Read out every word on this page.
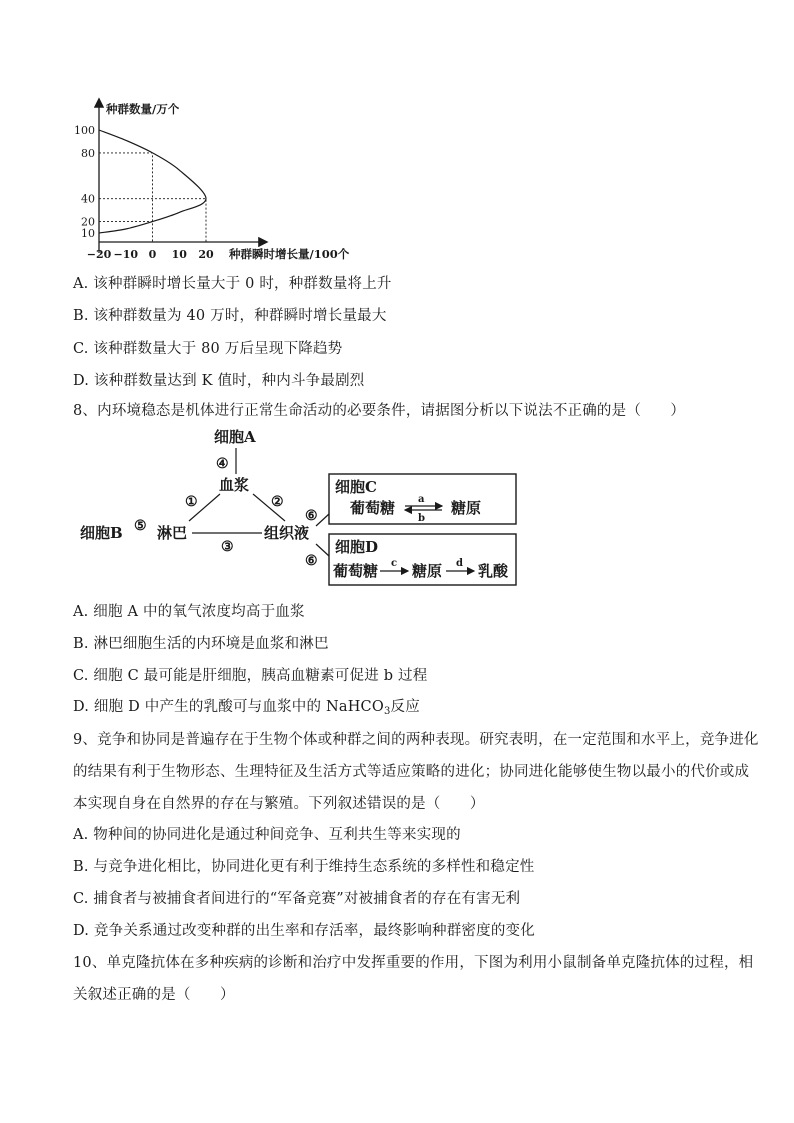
种群数量/万个
种群瞬时增长量/100个
100
80
40
20
10
−20 −10 0 10 20
A. 该种群瞬时增长量大于 0 时，种群数量将上升
B. 该种群数量为 40 万时，种群瞬时增长量最大
C. 该种群数量大于 80 万后呈现下降趋势
D. 该种群数量达到 K 值时，种内斗争最剧烈
8、内环境稳态是机体进行正常生命活动的必要条件，请据图分析以下说法不正确的是（　　）
细胞A
④
血浆
①	②
细胞B ⑤ 淋巴	组织液
③
⑥
⑥
细胞C
葡萄糖	糖原
a
b
细胞D
葡萄糖 糖原 乳酸
c	d
A. 细胞 A 中的氧气浓度均高于血浆
B. 淋巴细胞生活的内环境是血浆和淋巴
C. 细胞 C 最可能是肝细胞，胰高血糖素可促进 b 过程
D. 细胞 D 中产生的乳酸可与血浆中的 NaHCO$_3$反应
9、竞争和协同是普遍存在于生物个体或种群之间的两种表现。研究表明，在一定范围和水平上，竞争进化
的结果有利于生物形态、生理特征及生活方式等适应策略的进化；协同进化能够使生物以最小的代价或成
本实现自身在自然界的存在与繁殖。下列叙述错误的是（　　）
A. 物种间的协同进化是通过种间竞争、互利共生等来实现的
B. 与竞争进化相比，协同进化更有利于维持生态系统的多样性和稳定性
C. 捕食者与被捕食者间进行的“军备竞赛”对被捕食者的存在有害无利
D. 竞争关系通过改变种群的出生率和存活率，最终影响种群密度的变化
10、单克隆抗体在多种疾病的诊断和治疗中发挥重要的作用，下图为利用小鼠制备单克隆抗体的过程，相
关叙述正确的是（　　）
